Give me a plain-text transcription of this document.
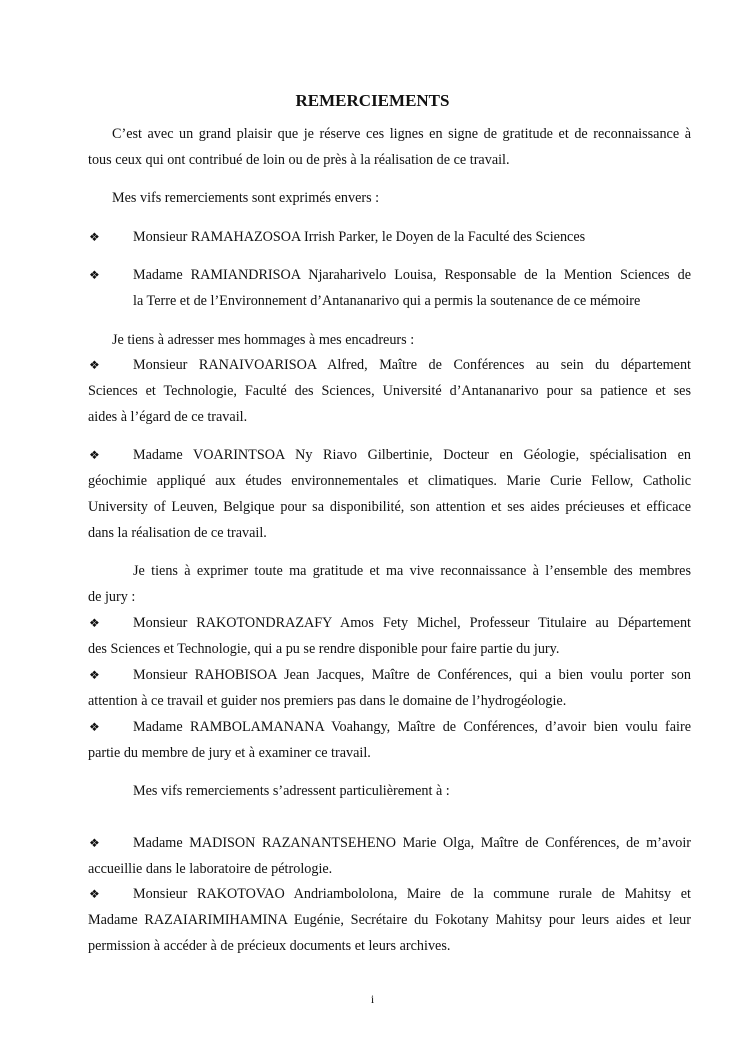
REMERCIEMENTS
C’est avec un grand plaisir que je réserve ces lignes en signe de gratitude et de reconnaissance à
tous ceux qui ont contribué de loin ou de près à la réalisation de ce travail.
Mes vifs remerciements sont exprimés envers :
❖ Monsieur RAMAHAZOSOA Irrish Parker, le Doyen de la Faculté des Sciences
❖ Madame RAMIANDRISOA Njaraharivelo Louisa, Responsable de la Mention Sciences de
la Terre et de l’Environnement d’Antananarivo qui a permis la soutenance de ce mémoire
Je tiens à adresser mes hommages à mes encadreurs :
❖ Monsieur RANAIVOARISOA Alfred, Maître de Conférences au sein du département
Sciences et Technologie, Faculté des Sciences, Université d’Antananarivo pour sa patience et ses
aides à l’égard de ce travail.
❖ Madame VOARINTSOA Ny Riavo Gilbertinie, Docteur en Géologie, spécialisation en
géochimie appliqué aux études environnementales et climatiques. Marie Curie Fellow, Catholic
University of Leuven, Belgique pour sa disponibilité, son attention et ses aides précieuses et efficace
dans la réalisation de ce travail.
Je tiens à exprimer toute ma gratitude et ma vive reconnaissance à l’ensemble des membres
de jury :
❖ Monsieur RAKOTONDRAZAFY Amos Fety Michel, Professeur Titulaire au Département
des Sciences et Technologie, qui a pu se rendre disponible pour faire partie du jury.
❖ Monsieur RAHOBISOA Jean Jacques, Maître de Conférences, qui a bien voulu porter son
attention à ce travail et guider nos premiers pas dans le domaine de l’hydrogéologie.
❖ Madame RAMBOLAMANANA Voahangy, Maître de Conférences, d’avoir bien voulu faire
partie du membre de jury et à examiner ce travail.
Mes vifs remerciements s’adressent particulièrement à :
❖ Madame MADISON RAZANANTSEHENO Marie Olga, Maître de Conférences, de m’avoir
accueillie dans le laboratoire de pétrologie.
❖ Monsieur RAKOTOVAO Andriambololona, Maire de la commune rurale de Mahitsy et
Madame RAZAIARIMIHAMINA Eugénie, Secrétaire du Fokotany Mahitsy pour leurs aides et leur
permission à accéder à de précieux documents et leurs archives.
i
